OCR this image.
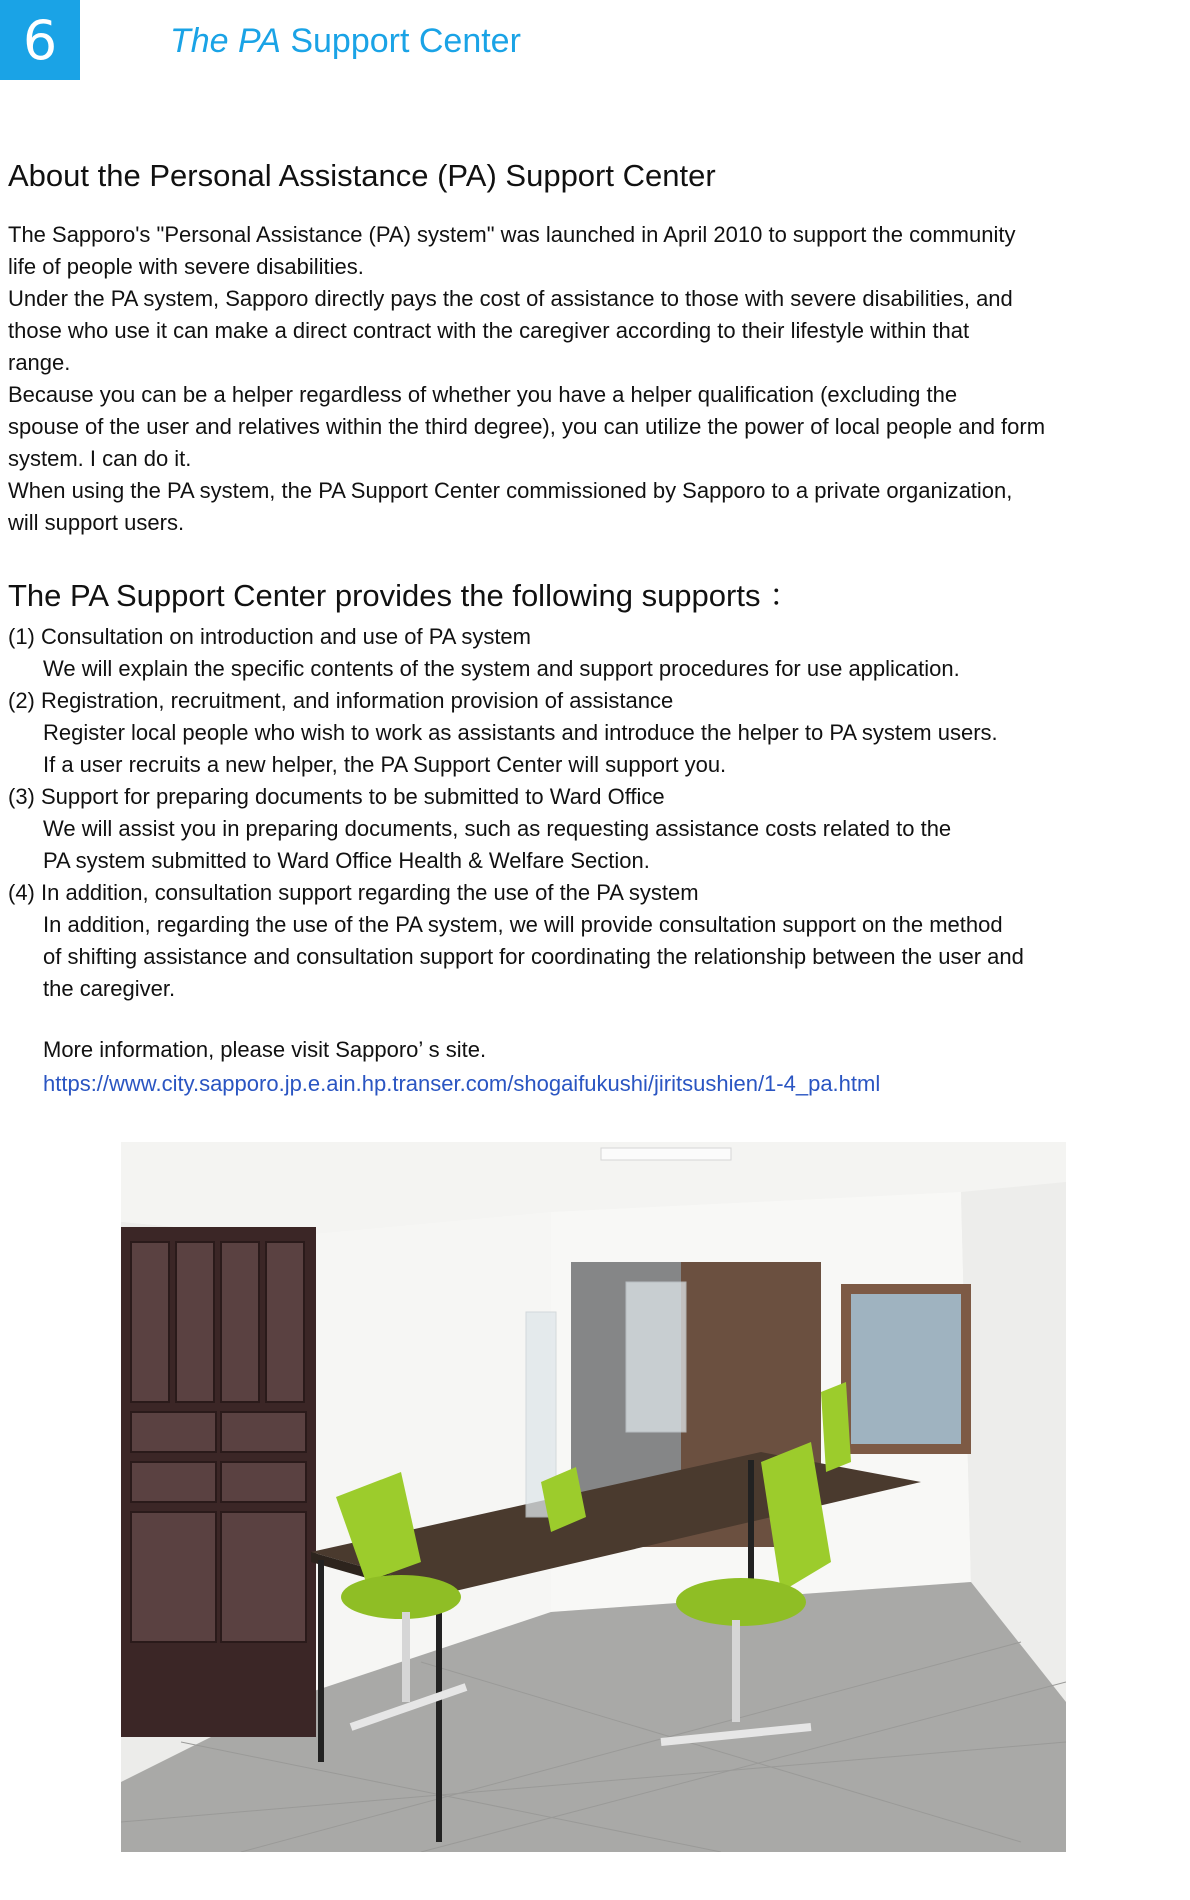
6	The PA Support Center
About the Personal Assistance (PA) Support Center

The Sapporo's "Personal Assistance (PA) system" was launched in April 2010 to support the community

life of people with severe disabilities.

Under the PA system, Sapporo directly pays the cost of assistance to those with severe disabilities, and

those who use it can make a direct contract with the caregiver according to their lifestyle within that

range.

Because you can be a helper regardless of whether you have a helper qualification (excluding the

spouse of the user and relatives within the third degree), you can utilize the power of local people and form

system. I can do it.

When using the PA system, the PA Support Center commissioned by Sapporo to a private organization,

will support users.

The PA Support Center provides the following supports ：
(1) Consultation on introduction and use of PA system
We will explain the specific contents of the system and support procedures for use application.
(2) Registration, recruitment, and information provision of assistance
Register local people who wish to work as assistants and introduce the helper to PA system users.
If a user recruits a new helper, the PA Support Center will support you.
(3) Support for preparing documents to be submitted to Ward Office
We will assist you in preparing documents, such as requesting assistance costs related to the
PA system submitted to Ward Office Health & Welfare Section.
(4) In addition, consultation support regarding the use of the PA system
In addition, regarding the use of the PA system, we will provide consultation support on the method
of shifting assistance and consultation support for coordinating the relationship between the user and
the caregiver.
More information, please visit Sapporo’ s site.
https://www.city.sapporo.jp.e.ain.hp.transer.com/shogaifukushi/jiritsushien/1-4_pa.html
